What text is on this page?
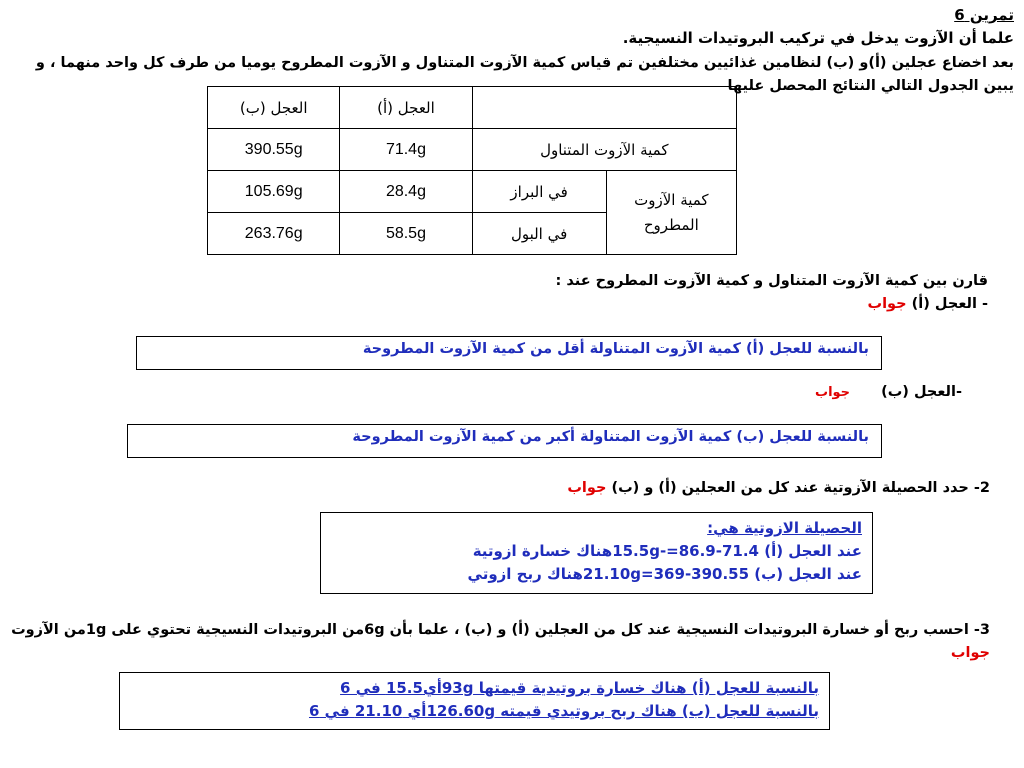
تمرين 6
علما أن الآزوت يدخل في تركيب البروتيدات النسيجية.
بعد اخضاع عجلين (أ)و (ب) لنظامين غذائيين مختلفين تم قياس كمية الآزوت المتناول و الآزوت المطروح يوميا من طرف كل واحد منهما ، و يبين الجدول التالي النتائج المحصل عليها
		العجل (أ)	العجل (ب)
كمية الآزوت المتناول		71.4g	390.55g
كمية الآزوت المطروح	في البراز	28.4g	105.69g
	في البول	58.5g	263.76g
قارن بين كمية الآزوت المتناول و كمية الآزوت المطروح عند :
- العجل (أ) جواب
بالنسبة للعجل (أ) كمية الآزوت المتناولة أقل من كمية الآزوت المطروحة
-العجل (ب) جواب
بالنسبة للعجل (ب) كمية الآزوت المتناولة أكبر من كمية الآزوت المطروحة
2- حدد الحصيلة الآزوتية عند كل من العجلين (أ) و (ب) جواب
الحصيلة الازوتية هي:
عند العجل (أ) 71.4-86.9=-15.5gهناك خسارة ازوتية
عند العجل (ب) 390.55-369=21.10gهناك ربح ازوتي
3- احسب ربح أو خسارة البروتيدات النسيجية عند كل من العجلين (أ) و (ب) ، علما بأن 6gمن البروتيدات النسيجية تحتوي على 1gمن الآزوت
جواب
بالنسبة للعجل (أ) هناك خسارة بروتيدية قيمتها 93gأي15.5 في 6
بالنسبة للعجل (ب) هناك ربح بروتيدي قيمته 126.60gأي 21.10 في 6
